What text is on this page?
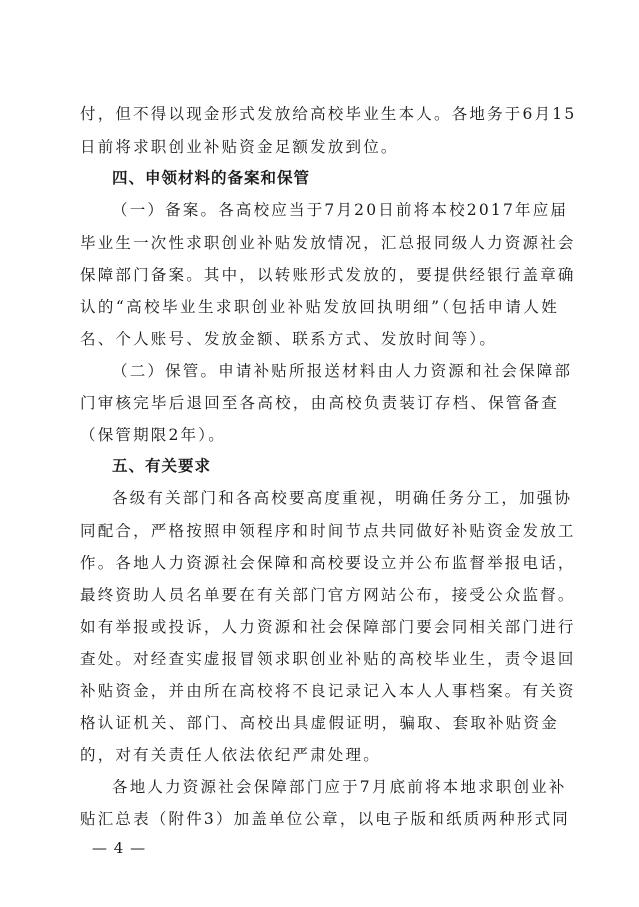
付，但不得以现金形式发放给高校毕业生本人。各地务于6月15
日前将求职创业补贴资金足额发放到位。
四、申领材料的备案和保管
（一）备案。各高校应当于7月20日前将本校2017年应届
毕业生一次性求职创业补贴发放情况，汇总报同级人力资源社会
保障部门备案。其中，以转账形式发放的，要提供经银行盖章确
认的“高校毕业生求职创业补贴发放回执明细”（包括申请人姓
名、个人账号、发放金额、联系方式、发放时间等）。
（二）保管。申请补贴所报送材料由人力资源和社会保障部
门审核完毕后退回至各高校，由高校负责装订存档、保管备查
（保管期限2年）。
五、有关要求
各级有关部门和各高校要高度重视，明确任务分工，加强协
同配合，严格按照申领程序和时间节点共同做好补贴资金发放工
作。各地人力资源社会保障和高校要设立并公布监督举报电话，
最终资助人员名单要在有关部门官方网站公布，接受公众监督。
如有举报或投诉，人力资源和社会保障部门要会同相关部门进行
查处。对经查实虚报冒领求职创业补贴的高校毕业生，责令退回
补贴资金，并由所在高校将不良记录记入本人人事档案。有关资
格认证机关、部门、高校出具虚假证明，骗取、套取补贴资金
的，对有关责任人依法依纪严肃处理。
各地人力资源社会保障部门应于7月底前将本地求职创业补
贴汇总表（附件3）加盖单位公章，以电子版和纸质两种形式同
— 4 —
